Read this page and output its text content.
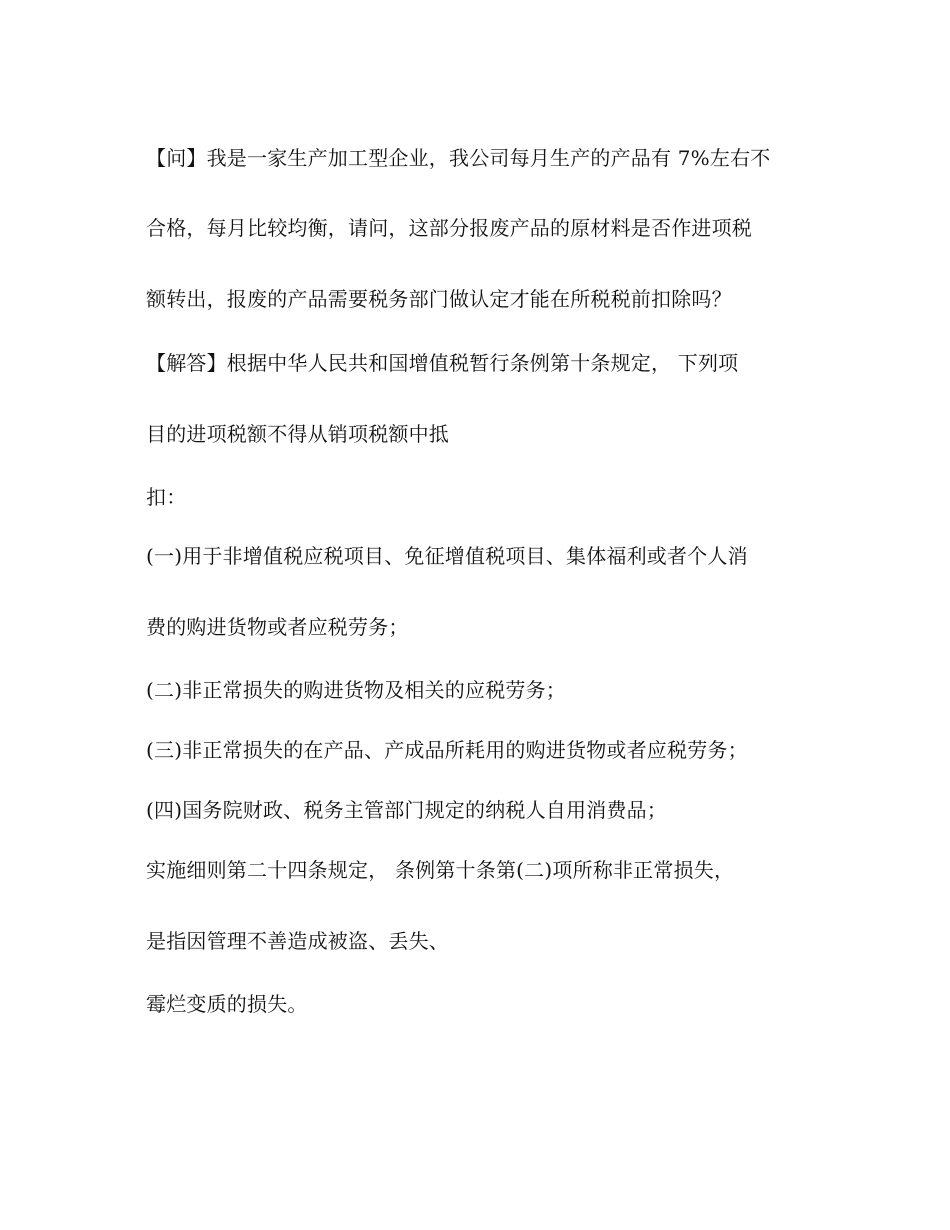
【问】我是一家生产加工型企业，我公司每月生产的产品有 7%左右不
合格，每月比较均衡，请问，这部分报废产品的原材料是否作进项税
额转出，报废的产品需要税务部门做认定才能在所税税前扣除吗？
【解答】根据中华人民共和国增值税暂行条例第十条规定， 下列项
目的进项税额不得从销项税额中抵
扣：
(一)用于非增值税应税项目、免征增值税项目、集体福利或者个人消
费的购进货物或者应税劳务；
(二)非正常损失的购进货物及相关的应税劳务；
(三)非正常损失的在产品、产成品所耗用的购进货物或者应税劳务；
(四)国务院财政、税务主管部门规定的纳税人自用消费品；
实施细则第二十四条规定， 条例第十条第(二)项所称非正常损失，
是指因管理不善造成被盗、丢失、
霉烂变质的损失。
